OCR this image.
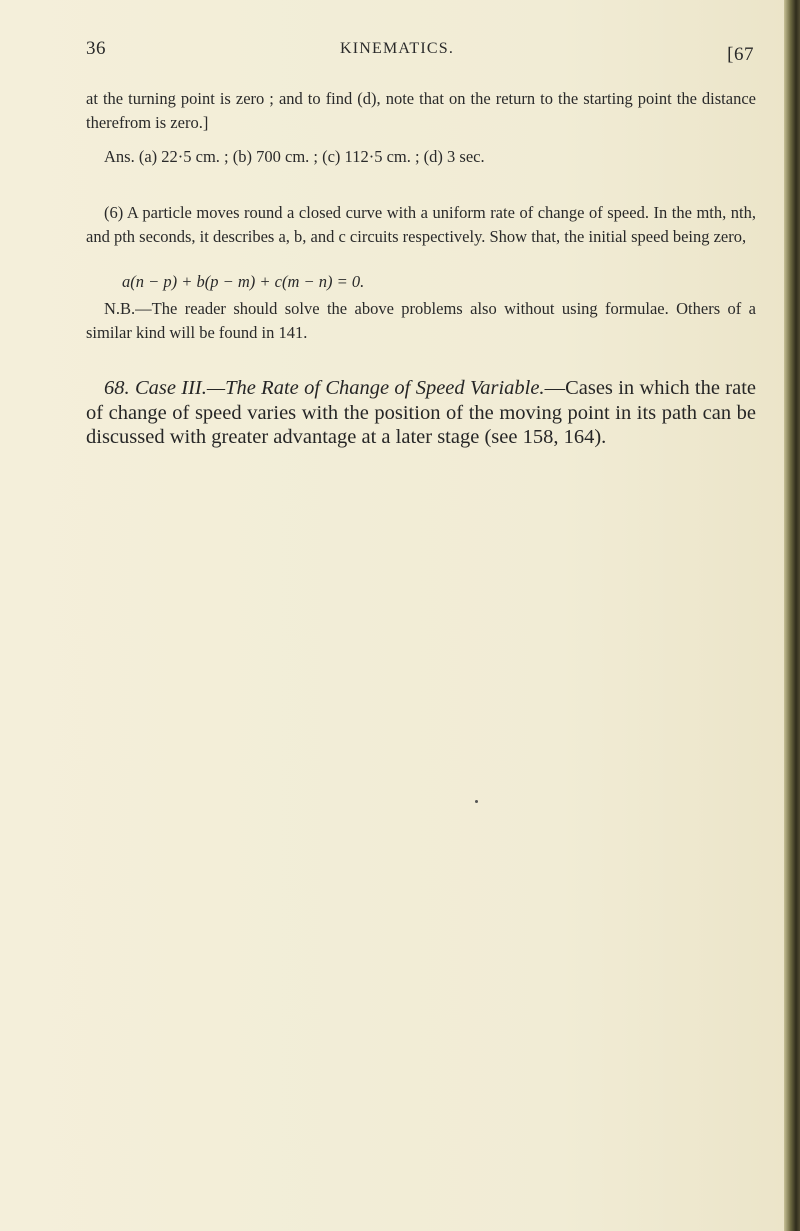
36	KINEMATICS.	[67

at the turning point is zero ; and to find (d), note that on the return to the starting point the distance therefrom is zero.]

Ans. (a) 22·5 cm. ; (b) 700 cm. ; (c) 112·5 cm. ; (d) 3 sec.

(6) A particle moves round a closed curve with a uniform rate of change of speed. In the mth, nth, and pth seconds, it describes a, b, and c circuits respectively. Show that, the initial speed being zero,

a(n − p) + b(p − m) + c(m − n) = 0.

N.B.—The reader should solve the above problems also without using formulae. Others of a similar kind will be found in 141.

68. Case III.—The Rate of Change of Speed Variable.—Cases in which the rate of change of speed varies with the position of the moving point in its path can be discussed with greater advantage at a later stage (see 158, 164).
